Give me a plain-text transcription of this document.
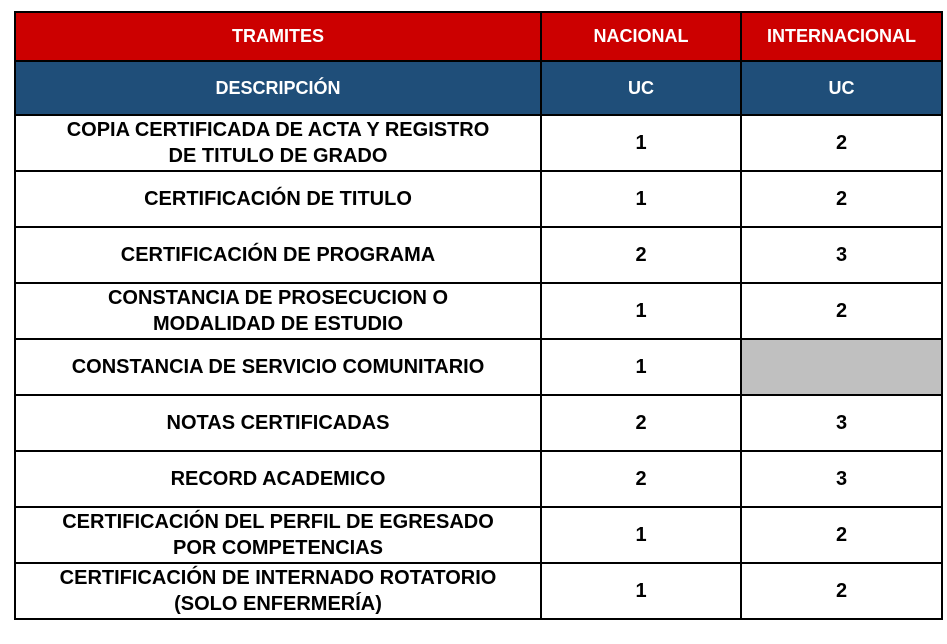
TRAMITES	NACIONAL	INTERNACIONAL
DESCRIPCIÓN	UC	UC
COPIA CERTIFICADA DE ACTA Y REGISTRO
DE TITULO DE GRADO	1	2
CERTIFICACIÓN DE TITULO	1	2
CERTIFICACIÓN DE PROGRAMA	2	3
CONSTANCIA DE PROSECUCION O
MODALIDAD DE ESTUDIO	1	2
CONSTANCIA DE SERVICIO COMUNITARIO	1	
NOTAS CERTIFICADAS	2	3
RECORD ACADEMICO	2	3
CERTIFICACIÓN DEL PERFIL DE EGRESADO
POR COMPETENCIAS	1	2
CERTIFICACIÓN DE INTERNADO ROTATORIO
(SOLO ENFERMERÍA)	1	2
